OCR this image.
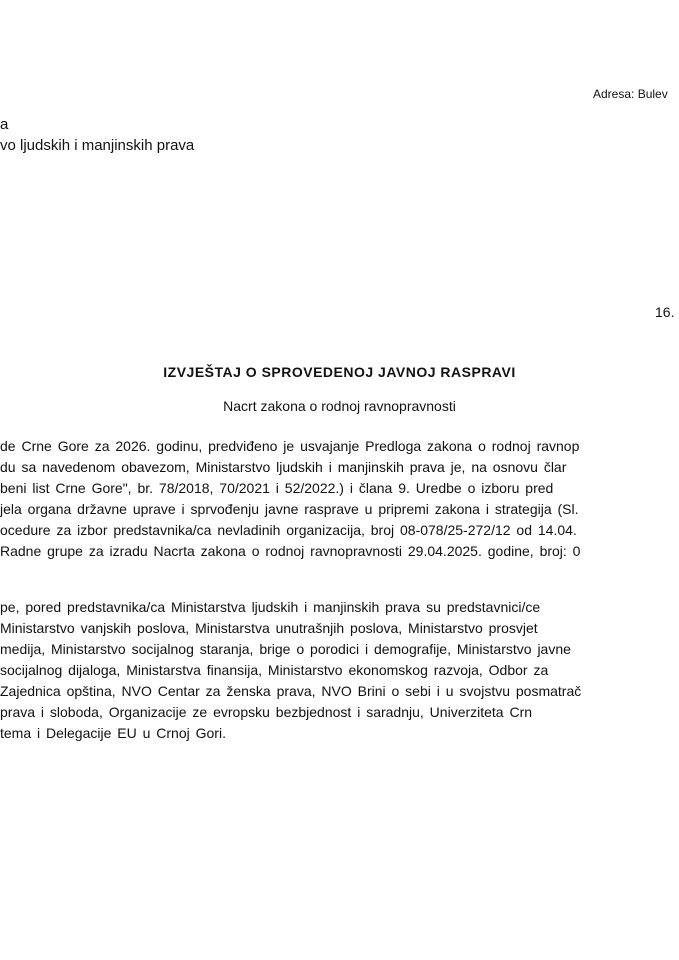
Adresa: Bulev
a
vo ljudskih i manjinskih prava
16.
IZVJEŠTAJ O SPROVEDENOJ JAVNOJ RASPRAVI
Nacrt zakona o rodnoj ravnopravnosti
de Crne Gore za 2026. godinu, predviđeno je usvajanje Predloga zakona o rodnoj ravnop
du sa navedenom obavezom, Ministarstvo ljudskih i manjinskih prava je, na osnovu člar
beni list Crne Gore", br. 78/2018, 70/2021 i 52/2022.) i člana 9. Uredbe o izboru pred
jela organa državne uprave i sprvođenju javne rasprave u pripremi zakona i strategija (Sl.
ocedure za izbor predstavnika/ca nevladinih organizacija, broj 08-078/25-272/12 od 14.04.
Radne grupe za izradu Nacrta zakona o rodnoj ravnopravnosti 29.04.2025. godine, broj: 0
pe, pored predstavnika/ca Ministarstva ljudskih i manjinskih prava su predstavnici/ce
Ministarstvo vanjskih poslova, Ministarstva unutrašnjih poslova, Ministarstvo prosvjet
medija, Ministarstvo socijalnog staranja, brige o porodici i demografije, Ministarstvo javne
socijalnog dijaloga, Ministarstva finansija, Ministarstvo ekonomskog razvoja, Odbor za
Zajednica opština, NVO Centar za ženska prava, NVO Brini o sebi i u svojstvu posmatrač
prava i sloboda, Organizacije ze evropsku bezbjednost i saradnju, Univerziteta Crn
tema i Delegacije EU u Crnoj Gori.
